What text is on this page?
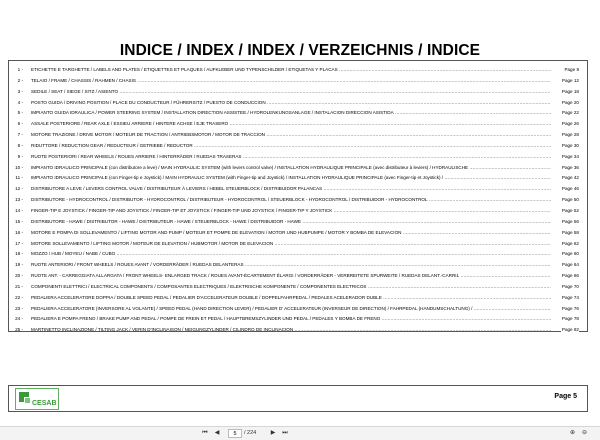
INDICE / INDEX / INDEX / VERZEICHNIS / INDICE
1 - ETICHETTE E TARGHETTE / LABELS AND PLATES / ETIQUETTES ET PLAQUES / AUFKLEBER UND TYPENSCHILDER / ETIQUETAS Y PLACAS .....	Page 8
2 - TELAIO / FRAME / CHASSIS / RAHMEN / CHASIS .....	Page 12
3 - SEDILE / SEAT / SIEGE / SITZ / ASIENTO .....	Page 18
4 - POSTO GUIDA / DRIVING POSITION / PLACE DU CONDUCTEUR / FÜHRERSITZ / PUESTO DE CONDUCCION .....	Page 20
5 - IMPIANTO GUIDA IDRAULICA / POWER STEERING SYSTEM / INSTALLATION DIRECTION ASSISTEE / HYDROLENKUNGSANLAGE / INSTALACION DIRECCION ASISTIDA .....	Page 22
6 - ASSALE POSTERIORE / REAR AXLE / ESSIEU ARRIERE / HINTERE ACHSE / EJE TRASERO .....	Page 26
7 - MOTORE TRAZIONE / DRIVE MOTOR / MOTEUR DE TRACTION / ANTRIEBSMOTOR / MOTOR DE TRACCION .....	Page 28
8 - RIDUTTORE / REDUCTION GEAR / REDUCTEUR / GETRIEBE / REDUCTOR .....	Page 30
9 - RUOTE POSTERIORI / REAR WHEELS / ROUES ARRIERE / HINTERRÄDER / RUEDAS TRASERAS .....	Page 34
10 - IMPIANTO IDRAULICO PRINCIPALE (con distributore a leve) / MAIN HYDRAULIC SYSTEM (with levers control valve) / INSTALLATION HYDRAULIQUE PRINCIPALE (avec distributeur à leviers) / HYDRAULISCHE .....	Page 36
11 - IMPIANTO IDRAULICO PRINCIPALE (con Finger-tip e Joystick) / MAIN HYDRAULIC SYSTEM (with Finger-tip and Joystick) / INSTALLATION HYDRAULIQUE PRINCIPALE (avec Finger-tip et Joystick) / .....	Page 42
12 - DISTRIBUTORE A LEVE / LEVERS CONTROL VALVE / DISTRIBUTEUR À LEVIERS / HEBEL STEUERBLOCK / DISTRIBUIDOR PALANCAS .....	Page 46
13 - DISTRIBUTORE - HYDROCONTROL / DISTRIBUTOR - HYDROCONTROL / DISTRIBUTEUR - HYDROCONTROL / STEUERBLOCK - HYDROCONTROL / DISTRIBUIDOR - HYDROCONTROL .....	Page 50
14 - FINGER-TIP E JOYSTICK / FINGER-TIP AND JOYSTICK / FINGER-TIP ET JOYSTICK / FINGER-TIP UND JOYSTICK / FINGER-TIP Y JOYSTICK .....	Page 52
15 - DISTRIBUTORE - HAWE / DISTRIBUTOR - HAWE / DISTRIBUTEUR - HAWE / STEUERBLOCK - HAWE / DISTRIBUIDOR - HAWE .....	Page 56
16 - MOTORE E POMPA DI SOLLEVAMENTO / LIFTING MOTOR AND PUMP / MOTEUR ET POMPE DE ELEVATION / MOTOR UND HUBPUMPE / MOTOR Y BOMBA DE ELEVACION .....	Page 58
17 - MOTORE SOLLEVAMENTO / LIFTING MOTOR / MOTEUR DE ELEVATION / HUBMOTOR / MOTOR DE ELEVACION .....	Page 62
18 - MOZZO / HUB / MOYEU / NABE / CUBO .....	Page 60
19 - RUOTE ANTERIORI / FRONT WHEELS / ROUES AVANT / VORDERRÄDER / RUEDAS DELANTERAS .....	Page 64
20 - RUOTE ANT. - CARREGGIATA ALLARGATA / FRONT WHEELS- ENLARGED TRACK / ROUES AVANT-ÉCARTEMENT ÉLARGI / VORDERRÄDER - VERBREITETE SPURWEITE / RUEDAS DELANT.-CARRIL .....	Page 66
21 - COMPONENTI ELETTRICI / ELECTRICAL COMPONENTS / COMPOSANTES ELECTRIQUES / ELEKTRISCHE KOMPONENTE / COMPONENTES ELECTRICOS .....	Page 70
22 - PEDALIERA ACCELERATORE DOPPIA / DOUBLE SPEED PEDAL / PEDALIER D'ACCELERATEUR DOUBLE / DOPPELFAHRPEDAL / PEDALES ACELERADOR DUBLE .....	Page 74
23 - PEDALIERA ACCELERATORE (INVERSORE AL VOLANTE) / SPEED PEDAL (HAND DIRECTION LEVER) / PEDALIER D' ACCELERATEUR (INVERSEUR DE DIRECTION) / FAHRPEDAL (HANDUMSCHALTUNG) / .....	Page 76
24 - PEDALIERA E POMPA FRENO / BRAKE PUMP AND PEDAL / POMPE DE FREIN ET PEDAL / HAUPTBREMSZYLINDER UND PEDAL / PEDALES Y BOMBA DE FRENO .....	Page 78
25 - MARTINETTO INCLINAZIONE / TILTING JACK / VERIN D'INCLINAISON / NEIGUNGZYLINDER / CILINDRO DE INCLINACION .....	Page 82
CESAB
Page 5
⏮	◀	5	/ 224	▶	⏭	⊕	⊖
